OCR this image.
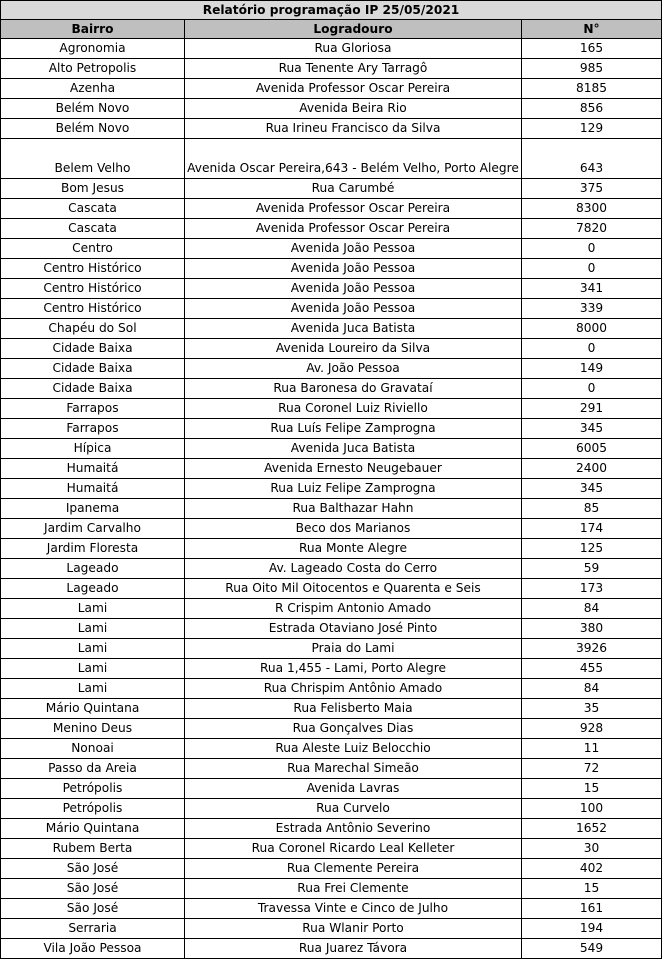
Relatório programação IP 25/05/2021		
Bairro	Logradouro	N°
Agronomia	Rua Gloriosa	165
Alto Petropolis	Rua Tenente Ary Tarragô	985
Azenha	Avenida Professor Oscar Pereira	8185
Belém Novo	Avenida Beira Rio	856
Belém Novo	Rua Irineu Francisco da Silva	129
Belem Velho	Avenida Oscar Pereira,643 - Belém Velho, Porto Alegre	643
Bom Jesus	Rua Carumbé	375
Cascata	Avenida Professor Oscar Pereira	8300
Cascata	Avenida Professor Oscar Pereira	7820
Centro	Avenida João Pessoa	0
Centro Histórico	Avenida João Pessoa	0
Centro Histórico	Avenida João Pessoa	341
Centro Histórico	Avenida João Pessoa	339
Chapéu do Sol	Avenida Juca Batista	8000
Cidade Baixa	Avenida Loureiro da Silva	0
Cidade Baixa	Av. João Pessoa	149
Cidade Baixa	Rua Baronesa do Gravataí	0
Farrapos	Rua Coronel Luiz Riviello	291
Farrapos	Rua Luís Felipe Zamprogna	345
Hípica	Avenida Juca Batista	6005
Humaitá	Avenida Ernesto Neugebauer	2400
Humaitá	Rua Luiz Felipe Zamprogna	345
Ipanema	Rua Balthazar Hahn	85
Jardim Carvalho	Beco dos Marianos	174
Jardim Floresta	Rua Monte Alegre	125
Lageado	Av. Lageado Costa do Cerro	59
Lageado	Rua Oito Mil Oitocentos e Quarenta e Seis	173
Lami	R Crispim Antonio Amado	84
Lami	Estrada Otaviano José Pinto	380
Lami	Praia do Lami	3926
Lami	Rua 1,455 - Lami, Porto Alegre	455
Lami	Rua Chrispim Antônio Amado	84
Mário Quintana	Rua Felisberto Maia	35
Menino Deus	Rua Gonçalves Dias	928
Nonoai	Rua Aleste Luiz Belocchio	11
Passo da Areia	Rua Marechal Simeão	72
Petrópolis	Avenida Lavras	15
Petrópolis	Rua Curvelo	100
Mário Quintana	Estrada Antônio Severino	1652
Rubem Berta	Rua Coronel Ricardo Leal Kelleter	30
São José	Rua Clemente Pereira	402
São José	Rua Frei Clemente	15
São José	Travessa Vinte e Cinco de Julho	161
Serraria	Rua Wlanir Porto	194
Vila João Pessoa	Rua Juarez Távora	549
